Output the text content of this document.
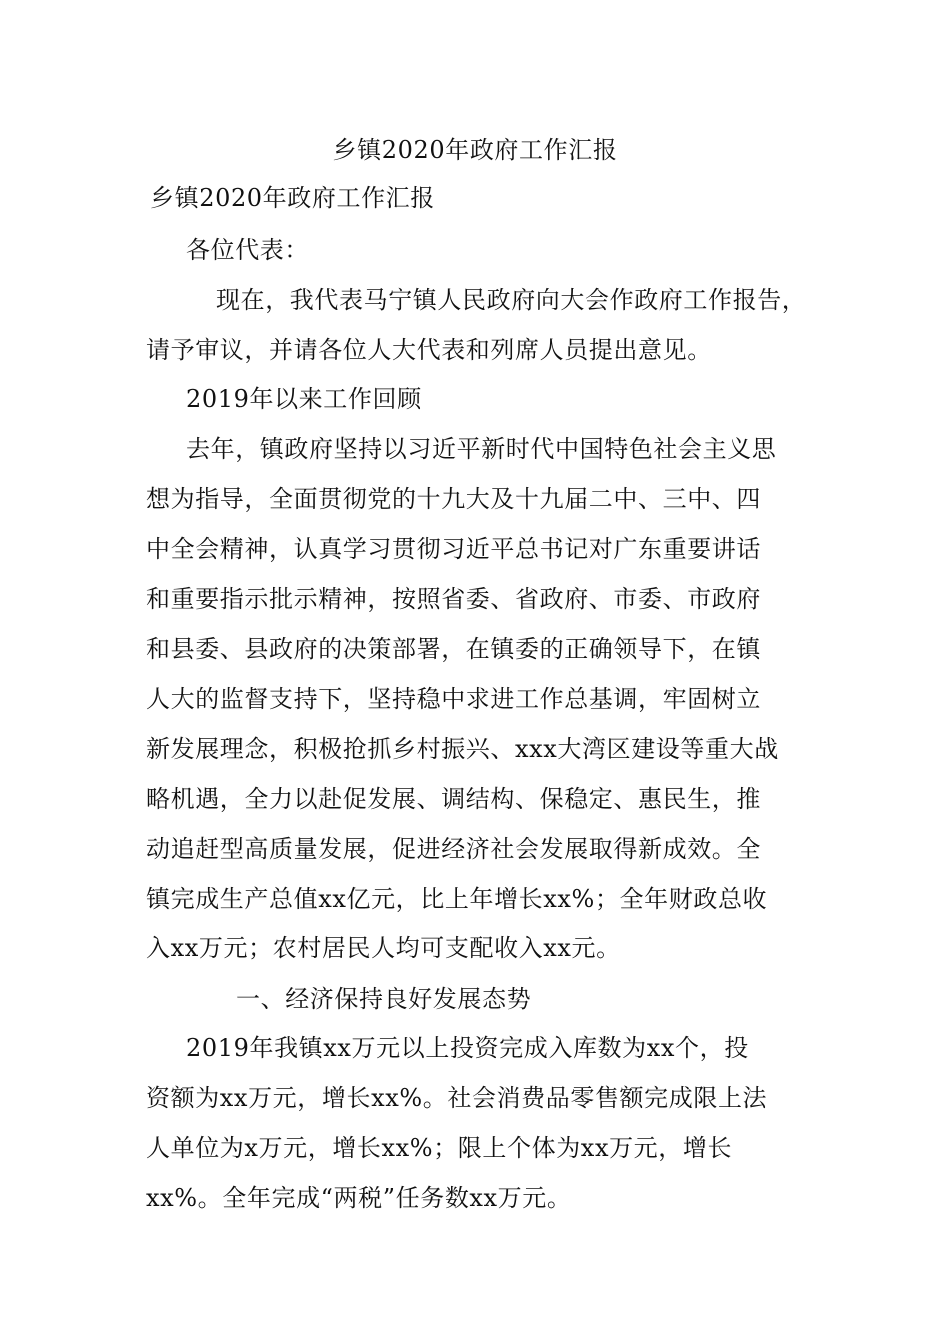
乡镇2020年政府工作汇报

乡镇2020年政府工作汇报

各位代表：

现在，我代表马宁镇人民政府向大会作政府工作报告，

请予审议，并请各位人大代表和列席人员提出意见。

2019年以来工作回顾

去年，镇政府坚持以习近平新时代中国特色社会主义思

想为指导，全面贯彻党的十九大及十九届二中、三中、四

中全会精神，认真学习贯彻习近平总书记对广东重要讲话

和重要指示批示精神，按照省委、省政府、市委、市政府

和县委、县政府的决策部署，在镇委的正确领导下，在镇

人大的监督支持下，坚持稳中求进工作总基调，牢固树立

新发展理念，积极抢抓乡村振兴、xxx大湾区建设等重大战

略机遇，全力以赴促发展、调结构、保稳定、惠民生，推

动追赶型高质量发展，促进经济社会发展取得新成效。全

镇完成生产总值xx亿元，比上年增长xx%；全年财政总收

入xx万元；农村居民人均可支配收入xx元。

一、经济保持良好发展态势

2019年我镇xx万元以上投资完成入库数为xx个，投

资额为xx万元，增长xx%。社会消费品零售额完成限上法

人单位为x万元，增长xx%；限上个体为xx万元，增长

xx%。全年完成“两税”任务数xx万元。
